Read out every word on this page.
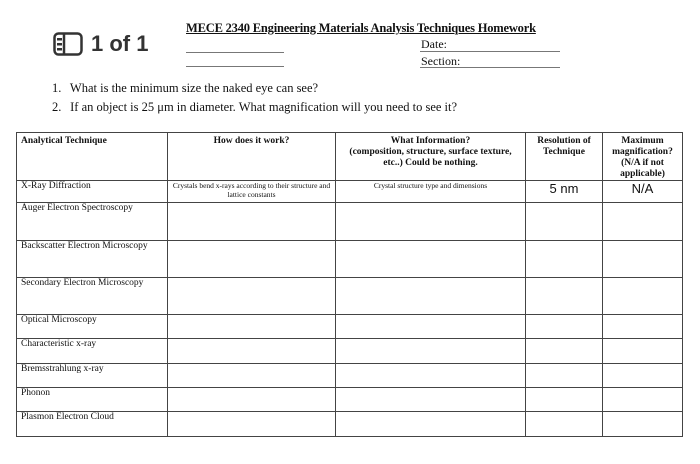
1 of 1
MECE 2340 Engineering Materials Analysis Techniques Homework
Date:
Section:
1. What is the minimum size the naked eye can see?
2. If an object is 25 μm in diameter. What magnification will you need to see it?
Analytical Technique	How does it work?	What Information?
(composition, structure, surface texture,
etc..) Could be nothing.	Resolution of Technique	Maximum magnification? (N/A if not applicable)
X-Ray Diffraction	Crystals bend x-rays according to their structure and lattice constants	Crystal structure type and dimensions	5 nm	N/A
Auger Electron Spectroscopy				
Backscatter Electron Microscopy				
Secondary Electron Microscopy				
Optical Microscopy				
Characteristic x-ray				
Bremsstrahlung x-ray				
Phonon				
Plasmon Electron Cloud				
